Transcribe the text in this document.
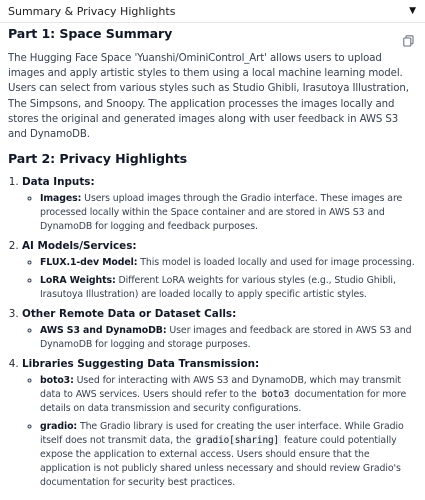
Summary & Privacy Highlights	▼
Part 1: Space Summary

The Hugging Face Space 'Yuanshi/OminiControl_Art' allows users to upload images and apply artistic styles to them using a local machine learning model. Users can select from various styles such as Studio Ghibli, Irasutoya Illustration, The Simpsons, and Snoopy. The application processes the images locally and stores the original and generated images along with user feedback in AWS S3 and DynamoDB.

Part 2: Privacy Highlights
1. Data Inputs:
◦ Images: Users upload images through the Gradio interface. These images are processed locally within the Space container and are stored in AWS S3 and DynamoDB for logging and feedback purposes.
2. AI Models/Services:
◦ FLUX.1-dev Model: This model is loaded locally and used for image processing.
◦ LoRA Weights: Different LoRA weights for various styles (e.g., Studio Ghibli, Irasutoya Illustration) are loaded locally to apply specific artistic styles.
3. Other Remote Data or Dataset Calls:
◦ AWS S3 and DynamoDB: User images and feedback are stored in AWS S3 and DynamoDB for logging and storage purposes.
4. Libraries Suggesting Data Transmission:
◦ boto3: Used for interacting with AWS S3 and DynamoDB, which may transmit data to AWS services. Users should refer to the boto3 documentation for more details on data transmission and security configurations.
◦ gradio: The Gradio library is used for creating the user interface. While Gradio itself does not transmit data, the gradio[sharing] feature could potentially expose the application to external access. Users should ensure that the application is not publicly shared unless necessary and should review Gradio's documentation for security best practices.
